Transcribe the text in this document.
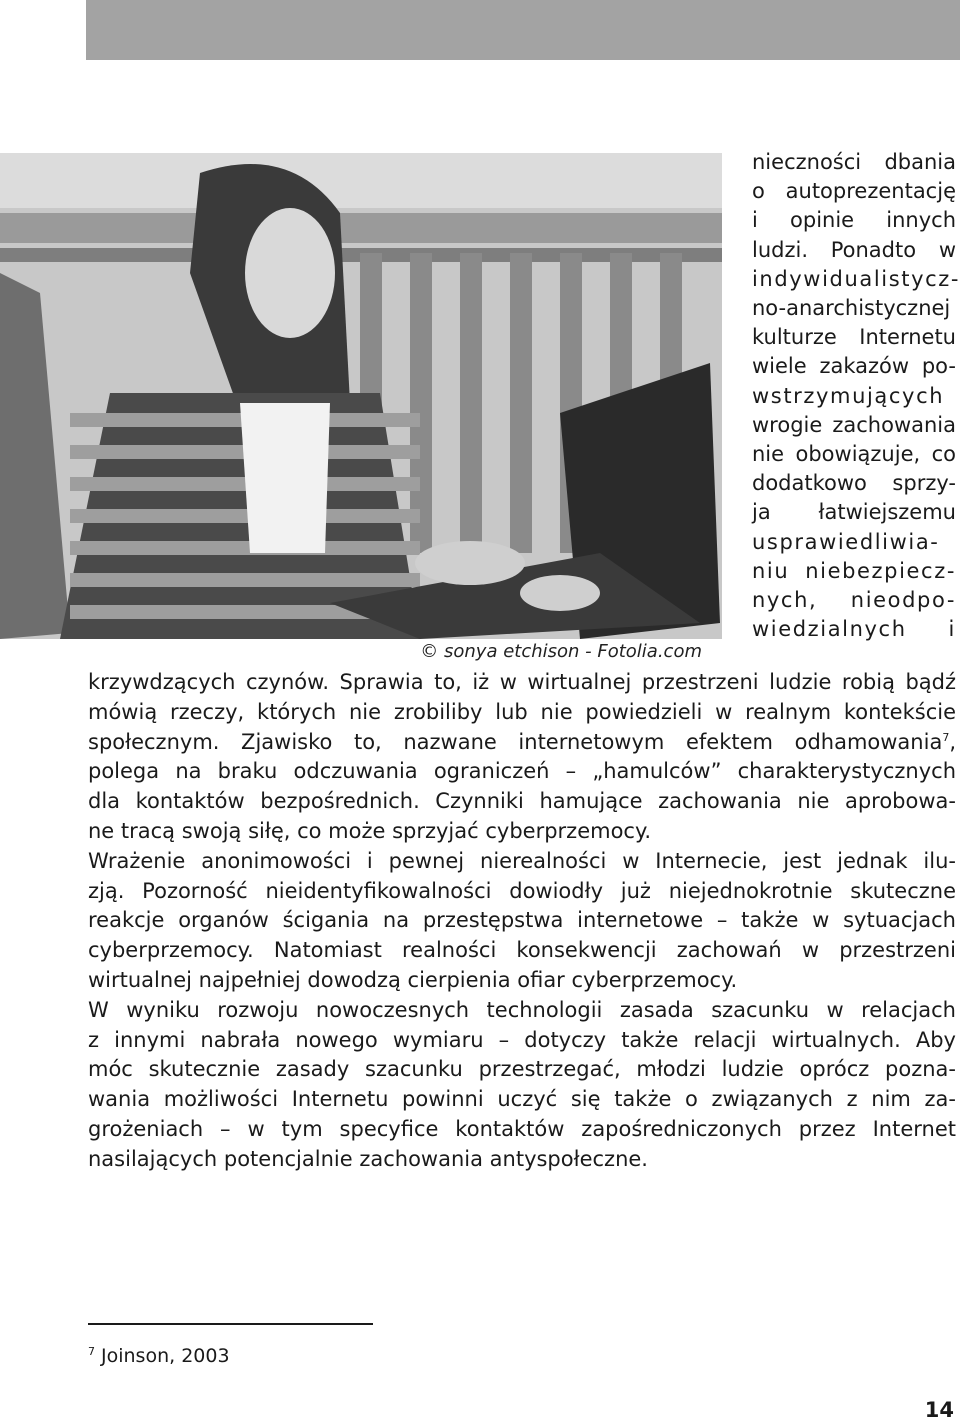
© sonya etchison - Fotolia.com
nieczności dbania
o autoprezentację
i opinie innych
ludzi. Ponadto w
indywidualistycz-
no-anarchistycznej
kulturze Internetu
wiele zakazów po-
wstrzymujących
wrogie zachowania
nie obowiązuje, co
dodatkowo sprzy-
ja łatwiejszemu
usprawiedliwia-
niu niebezpiecz-
nych, nieodpo-
wiedzialnych i
krzywdzących czynów. Sprawia to, iż w wirtualnej przestrzeni ludzie robią bądź
mówią rzeczy, których nie zrobiliby lub nie powiedzieli w realnym kontekście
społecznym. Zjawisko to, nazwane internetowym efektem odhamowania$^7$,
polega na braku odczuwania ograniczeń – „hamulców” charakterystycznych
dla kontaktów bezpośrednich. Czynniki hamujące zachowania nie aprobowa-
ne tracą swoją siłę, co może sprzyjać cyberprzemocy.
Wrażenie anonimowości i pewnej nierealności w Internecie, jest jednak ilu-
zją. Pozorność nieidentyfikowalności dowiodły już niejednokrotnie skuteczne
reakcje organów ścigania na przestępstwa internetowe – także w sytuacjach
cyberprzemocy. Natomiast realności konsekwencji zachowań w przestrzeni
wirtualnej najpełniej dowodzą cierpienia ofiar cyberprzemocy.
W wyniku rozwoju nowoczesnych technologii zasada szacunku w relacjach
z innymi nabrała nowego wymiaru – dotyczy także relacji wirtualnych. Aby
móc skutecznie zasady szacunku przestrzegać, młodzi ludzie oprócz pozna-
wania możliwości Internetu powinni uczyć się także o związanych z nim za-
grożeniach – w tym specyfice kontaktów zapośredniczonych przez Internet
nasilających potencjalnie zachowania antyspołeczne.
$^7$ Joinson, 2003
14
